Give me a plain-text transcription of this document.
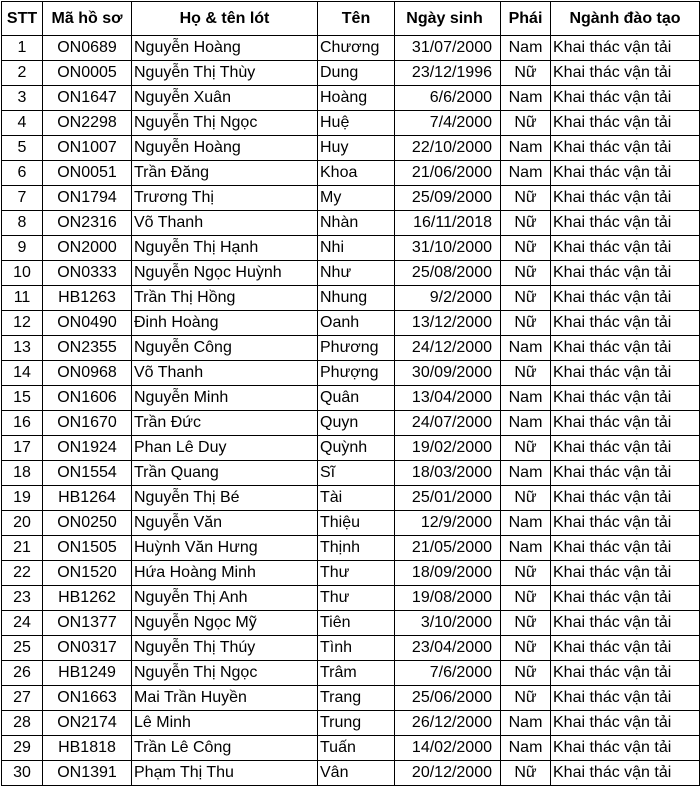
STT	Mã hồ sơ	Họ & tên lót	Tên	Ngày sinh	Phái	Ngành đào tạo
1	ON0689	Nguyễn Hoàng	Chương	31/07/2000	Nam	Khai thác vận tải
2	ON0005	Nguyễn Thị Thùy	Dung	23/12/1996	Nữ	Khai thác vận tải
3	ON1647	Nguyễn Xuân	Hoàng	6/6/2000	Nam	Khai thác vận tải
4	ON2298	Nguyễn Thị Ngọc	Huệ	7/4/2000	Nữ	Khai thác vận tải
5	ON1007	Nguyễn Hoàng	Huy	22/10/2000	Nam	Khai thác vận tải
6	ON0051	Trần Đăng	Khoa	21/06/2000	Nam	Khai thác vận tải
7	ON1794	Trương Thị	My	25/09/2000	Nữ	Khai thác vận tải
8	ON2316	Võ Thanh	Nhàn	16/11/2018	Nữ	Khai thác vận tải
9	ON2000	Nguyễn Thị Hạnh	Nhi	31/10/2000	Nữ	Khai thác vận tải
10	ON0333	Nguyễn Ngọc Huỳnh	Như	25/08/2000	Nữ	Khai thác vận tải
11	HB1263	Trần Thị Hồng	Nhung	9/2/2000	Nữ	Khai thác vận tải
12	ON0490	Đinh Hoàng	Oanh	13/12/2000	Nữ	Khai thác vận tải
13	ON2355	Nguyễn Công	Phương	24/12/2000	Nam	Khai thác vận tải
14	ON0968	Võ Thanh	Phượng	30/09/2000	Nữ	Khai thác vận tải
15	ON1606	Nguyễn Minh	Quân	13/04/2000	Nam	Khai thác vận tải
16	ON1670	Trần Đức	Quyn	24/07/2000	Nam	Khai thác vận tải
17	ON1924	Phan Lê Duy	Quỳnh	19/02/2000	Nữ	Khai thác vận tải
18	ON1554	Trần Quang	Sĩ	18/03/2000	Nam	Khai thác vận tải
19	HB1264	Nguyễn Thị Bé	Tài	25/01/2000	Nữ	Khai thác vận tải
20	ON0250	Nguyễn Văn	Thiệu	12/9/2000	Nam	Khai thác vận tải
21	ON1505	Huỳnh Văn Hưng	Thịnh	21/05/2000	Nam	Khai thác vận tải
22	ON1520	Hứa Hoàng Minh	Thư	18/09/2000	Nữ	Khai thác vận tải
23	HB1262	Nguyễn Thị Anh	Thư	19/08/2000	Nữ	Khai thác vận tải
24	ON1377	Nguyễn Ngọc Mỹ	Tiên	3/10/2000	Nữ	Khai thác vận tải
25	ON0317	Nguyễn Thị Thúy	Tình	23/04/2000	Nữ	Khai thác vận tải
26	HB1249	Nguyễn Thị Ngọc	Trâm	7/6/2000	Nữ	Khai thác vận tải
27	ON1663	Mai Trần Huyền	Trang	25/06/2000	Nữ	Khai thác vận tải
28	ON2174	Lê Minh	Trung	26/12/2000	Nam	Khai thác vận tải
29	HB1818	Trần Lê Công	Tuấn	14/02/2000	Nam	Khai thác vận tải
30	ON1391	Phạm Thị Thu	Vân	20/12/2000	Nữ	Khai thác vận tải
